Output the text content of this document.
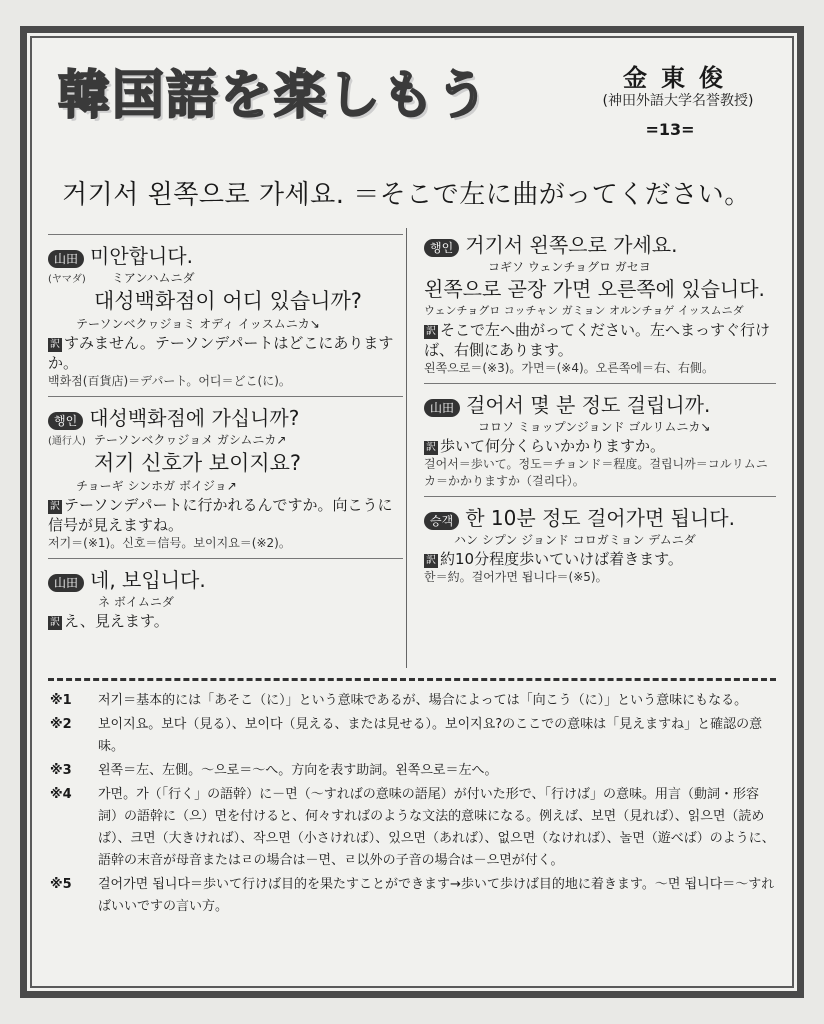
韓国語を楽しもう	金東俊
(神田外語大学名誉教授)
=13=
거기서 왼쪽으로 가세요. ＝そこで左に曲がってください。
山田 미안합니다.
(ヤマダ) ミアンハムニダ
대성백화점이 어디 있습니까?
テーソンベクヮジョミ オディ イッスムニカ↘
訳 すみません。テーソンデパートはどこにありますか。
백화점(百貨店)＝デパート。어디＝どこ(に)。
행인 대성백화점에 가십니까?
(通行人) テーソンベクヮジョメ ガシムニカ↗
저기 신호가 보이지요?
チョーギ シンホガ ボイジョ↗
訳 テーソンデパートに行かれるんですか。向こうに信号が見えますね。
저기＝(※1)。신호＝信号。보이지요＝(※2)。
山田 네, 보입니다.
ネ ボイムニダ
訳 え、見えます。
행인 거기서 왼쪽으로 가세요.
コギソ ウェンチョグロ ガセヨ
왼쪽으로 곧장 가면 오른쪽에 있습니다.
ウェンチョグロ コッチャン ガミョン オルンチョゲ イッスムニダ
訳 そこで左へ曲がってください。左へまっすぐ行けば、右側にあります。
왼쪽으로＝(※3)。가면＝(※4)。오른쪽에＝右、右側。
山田 걸어서 몇 분 정도 걸립니까.
コロソ ミョップンジョンド ゴルリムニカ↘
訳 歩いて何分くらいかかりますか。
걸어서＝歩いて。정도＝チョンド＝程度。걸립니까＝コルリムニカ＝かかりますか（걸리다）。
승객 한 10분 정도 걸어가면 됩니다.
ハン シプン ジョンド コロガミョン デムニダ
訳 約10分程度歩いていけば着きます。
한＝約。걸어가면 됩니다＝(※5)。
※1	저기＝基本的には「あそこ（に）」という意味であるが、場合によっては「向こう（に）」という意味にもなる。
※2	보이지요。보다（見る）、보이다（見える、または見せる）。보이지요?のここでの意味は「見えますね」と確認の意味。
※3	왼쪽＝左、左側。～으로＝～へ。方向を表す助詞。왼쪽으로＝左へ。
※4	가면。가（「行く」の語幹）に－면（～すればの意味の語尾）が付いた形で、「行けば」の意味。用言（動詞・形容詞）の語幹に（으）면を付けると、何々すればのような文法的意味になる。例えば、보면（見れば）、읽으면（読めば）、크면（大きければ）、작으면（小さければ）、있으면（あれば）、없으면（なければ）、놀면（遊べば）のように、語幹の末音が母音またはㄹの場合は－면、ㄹ以外の子音の場合は－으면が付く。
※5	걸어가면 됩니다＝歩いて行けば目的を果たすことができます→歩いて歩けば目的地に着きます。～면 됩니다＝～すればいいですの言い方。
